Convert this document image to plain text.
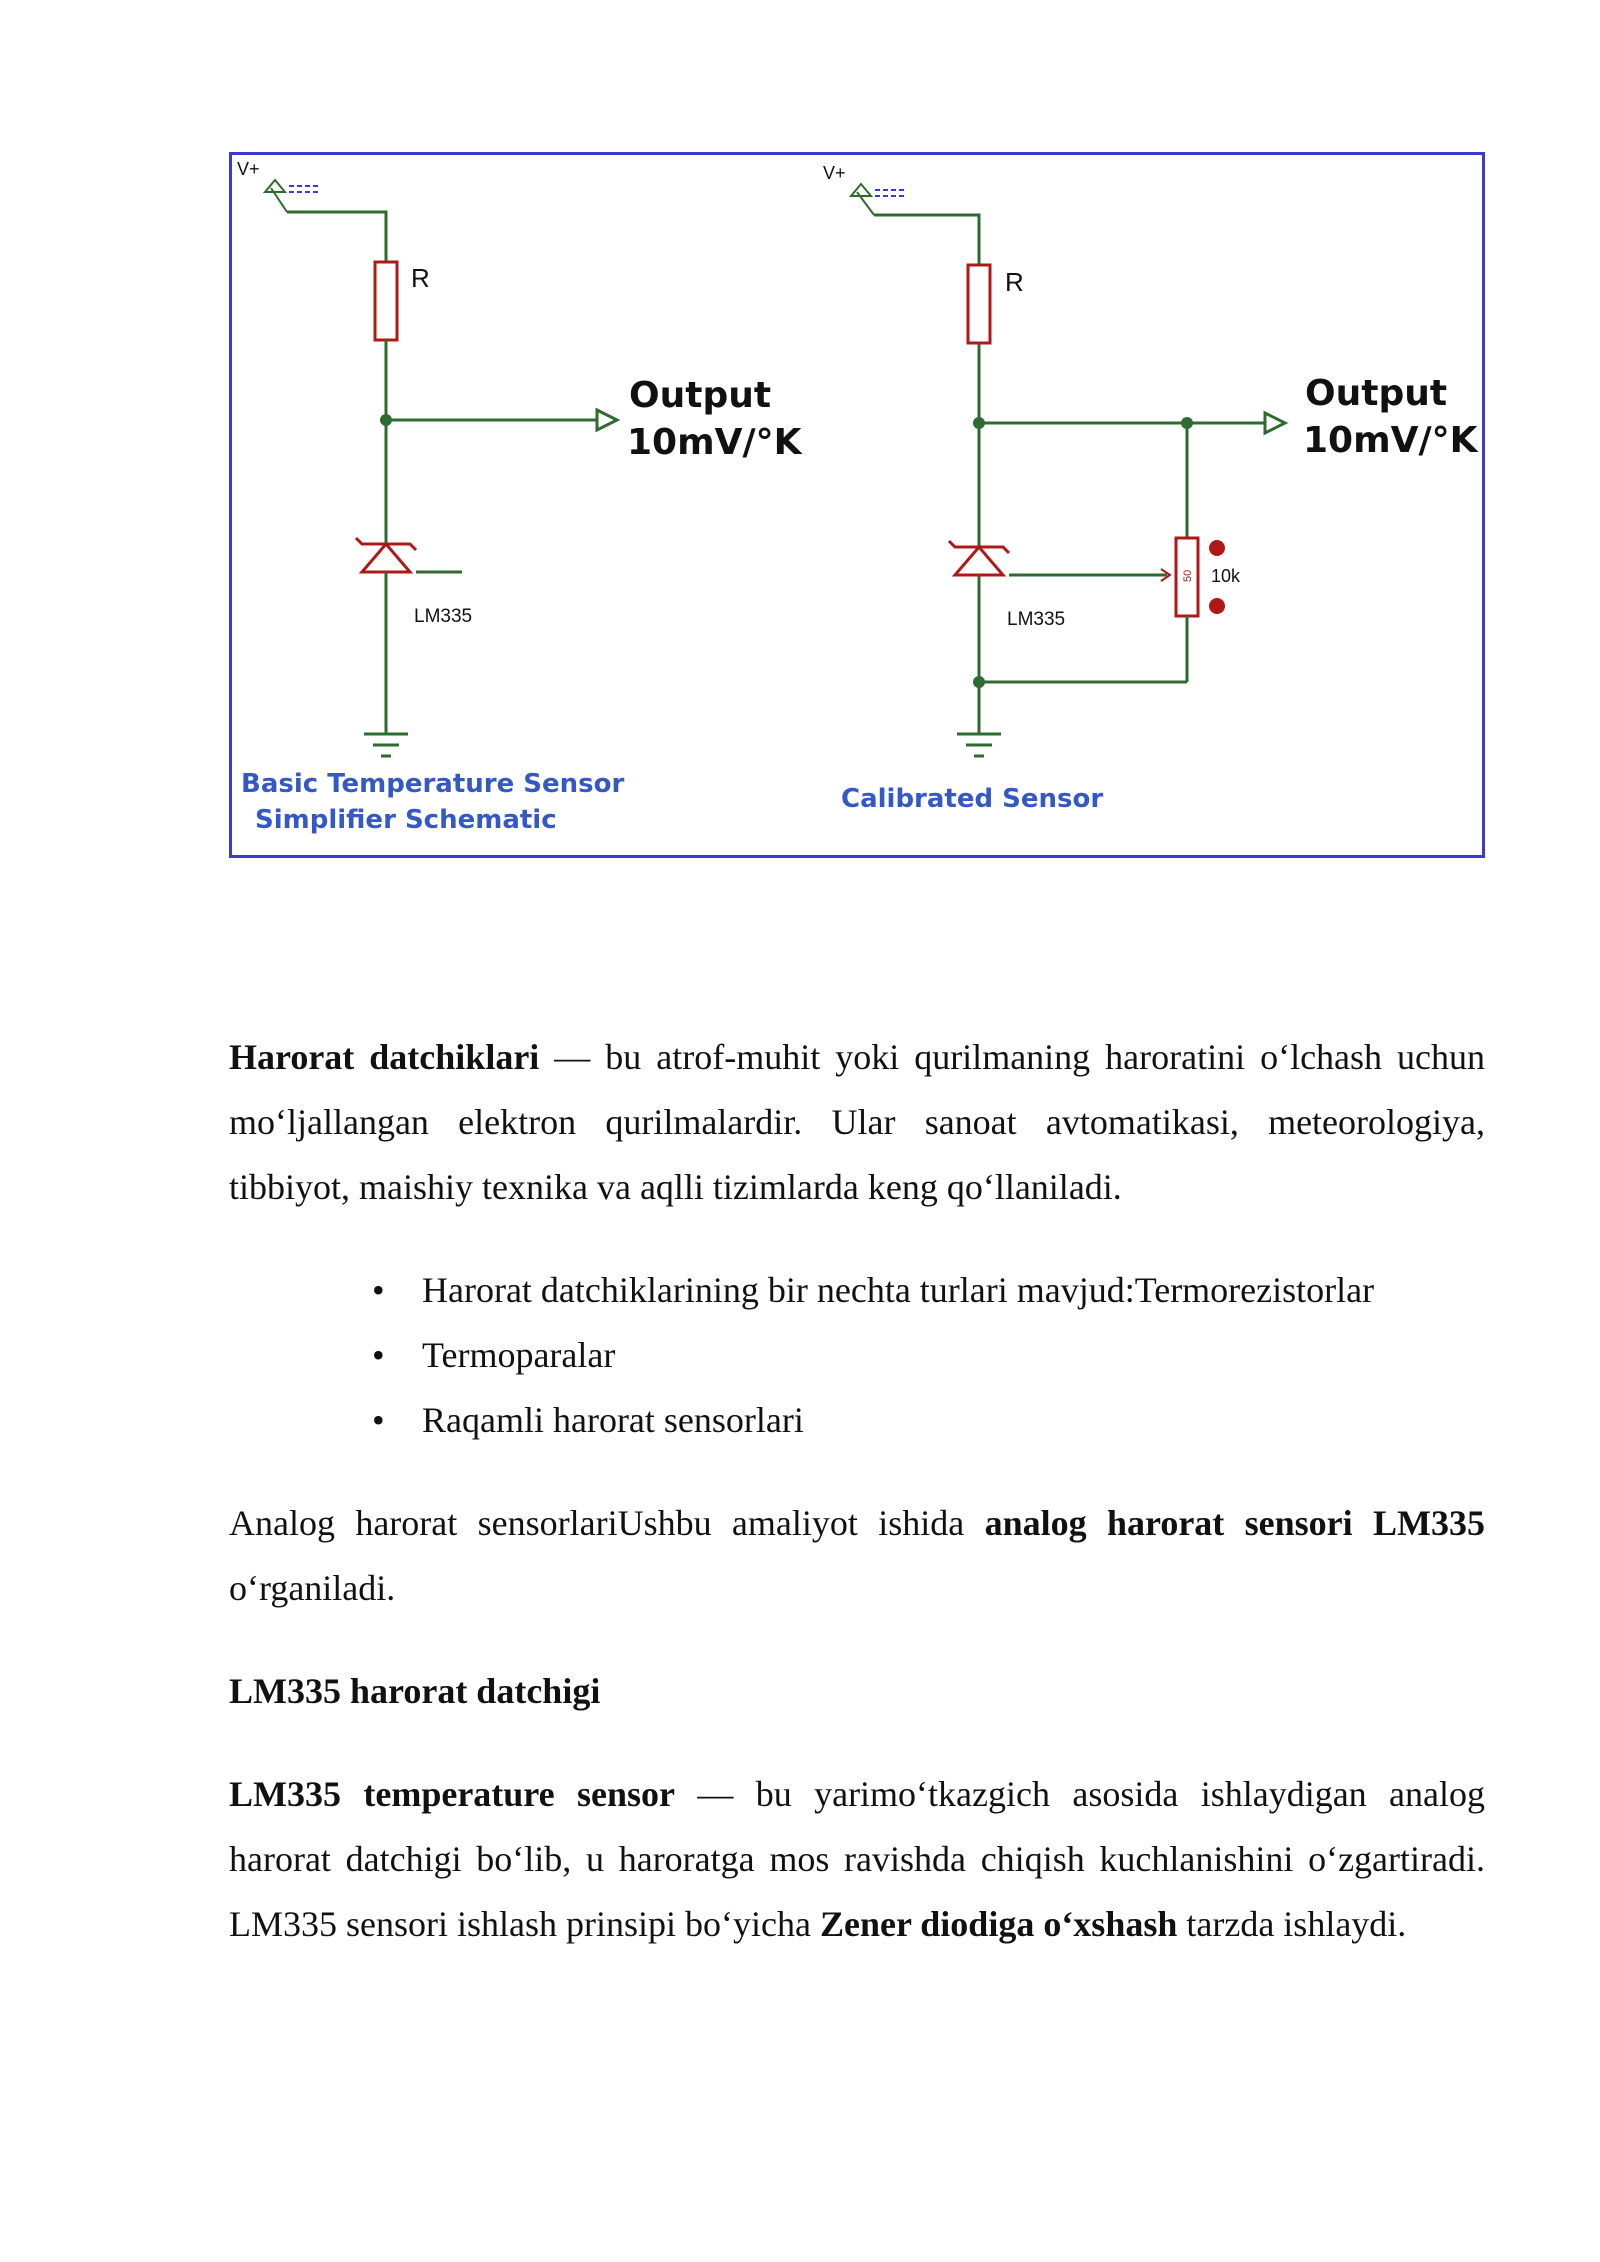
V+
R
Output
10mV/°K
LM335
Basic Temperature Sensor
Simplifier Schematic
V+
R
Output
10mV/°K
50 10k
LM335
Calibrated Sensor

Harorat datchiklari — bu atrof-muhit yoki qurilmaning haroratini o‘lchash uchun mo‘ljallangan elektron qurilmalardir. Ular sanoat avtomatikasi, meteorologiya, tibbiyot, maishiy texnika va aqlli tizimlarda keng qo‘llaniladi.

• Harorat datchiklarining bir nechta turlari mavjud:Termorezistorlar
• Termoparalar
• Raqamli harorat sensorlari

Analog harorat sensorlariUshbu amaliyot ishida analog harorat sensori LM335 o‘rganiladi.

LM335 harorat datchigi

LM335 temperature sensor — bu yarimo‘tkazgich asosida ishlaydigan analog harorat datchigi bo‘lib, u haroratga mos ravishda chiqish kuchlanishini o‘zgartiradi. LM335 sensori ishlash prinsipi bo‘yicha Zener diodiga o‘xshash tarzda ishlaydi.
